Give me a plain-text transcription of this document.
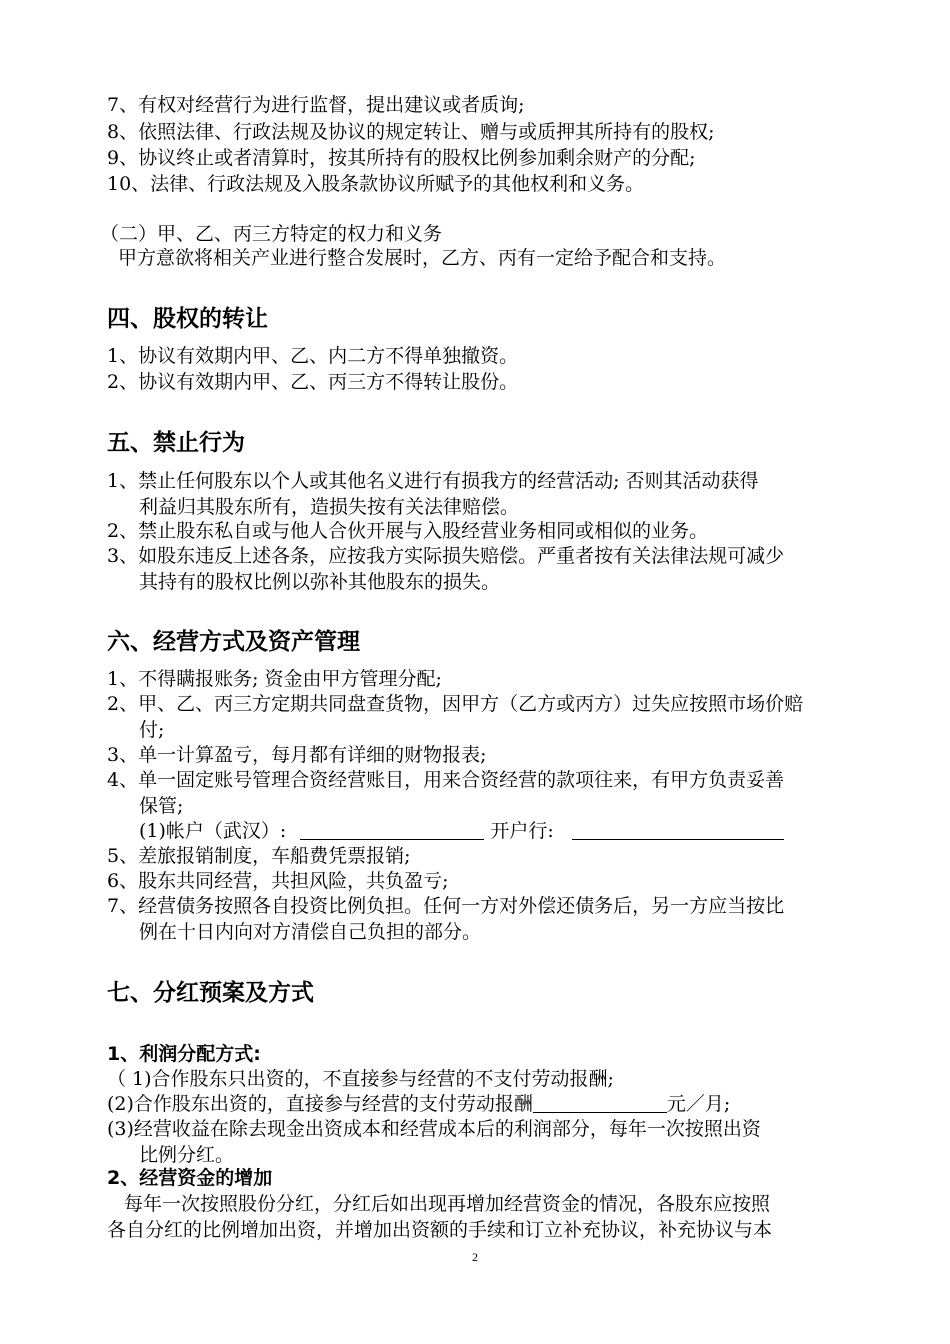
7、有权对经营行为进行监督，提出建议或者质询;
8、依照法律、行政法规及协议的规定转让、赠与或质押其所持有的股权;
9、协议终止或者清算时，按其所持有的股权比例参加剩余财产的分配;
10、法律、行政法规及入股条款协议所赋予的其他权利和义务。
（二）甲、乙、丙三方特定的权力和义务
甲方意欲将相关产业进行整合发展时，乙方、丙有一定给予配合和支持。
四、股权的转让
1、协议有效期内甲、乙、内二方不得单独撤资。
2、协议有效期内甲、乙、丙三方不得转让股份。
五、禁止行为
1、禁止任何股东以个人或其他名义进行有损我方的经营活动; 否则其活动获得
利益归其股东所有，造损失按有关法律赔偿。
2、禁止股东私自或与他人合伙开展与入股经营业务相同或相似的业务。
3、如股东违反上述各条，应按我方实际损失赔偿。严重者按有关法律法规可减少
其持有的股权比例以弥补其他股东的损失。
六、经营方式及资产管理
1、不得瞒报账务; 资金由甲方管理分配;
2、甲、乙、丙三方定期共同盘查货物，因甲方（乙方或丙方）过失应按照市场价赔
付;
3、单一计算盈亏，每月都有详细的财物报表;
4、单一固定账号管理合资经营账目，用来合资经营的款项往来，有甲方负责妥善
保管;
(1)帐户（武汉）:	开户行:
5、差旅报销制度，车船费凭票报销;
6、股东共同经营，共担风险，共负盈亏;
7、经营债务按照各自投资比例负担。任何一方对外偿还债务后，另一方应当按比
例在十日内向对方清偿自己负担的部分。
七、分红预案及方式
1、利润分配方式:
（ 1)合作股东只出资的，不直接参与经营的不支付劳动报酬;
(2)合作股东出资的，直接参与经营的支付劳动报酬	元／月;
(3)经营收益在除去现金出资成本和经营成本后的利润部分，每年一次按照出资
比例分红。
2、经营资金的增加
每年一次按照股份分红，分红后如出现再增加经营资金的情况，各股东应按照
各自分红的比例增加出资，并增加出资额的手续和订立补充协议，补充协议与本
2
